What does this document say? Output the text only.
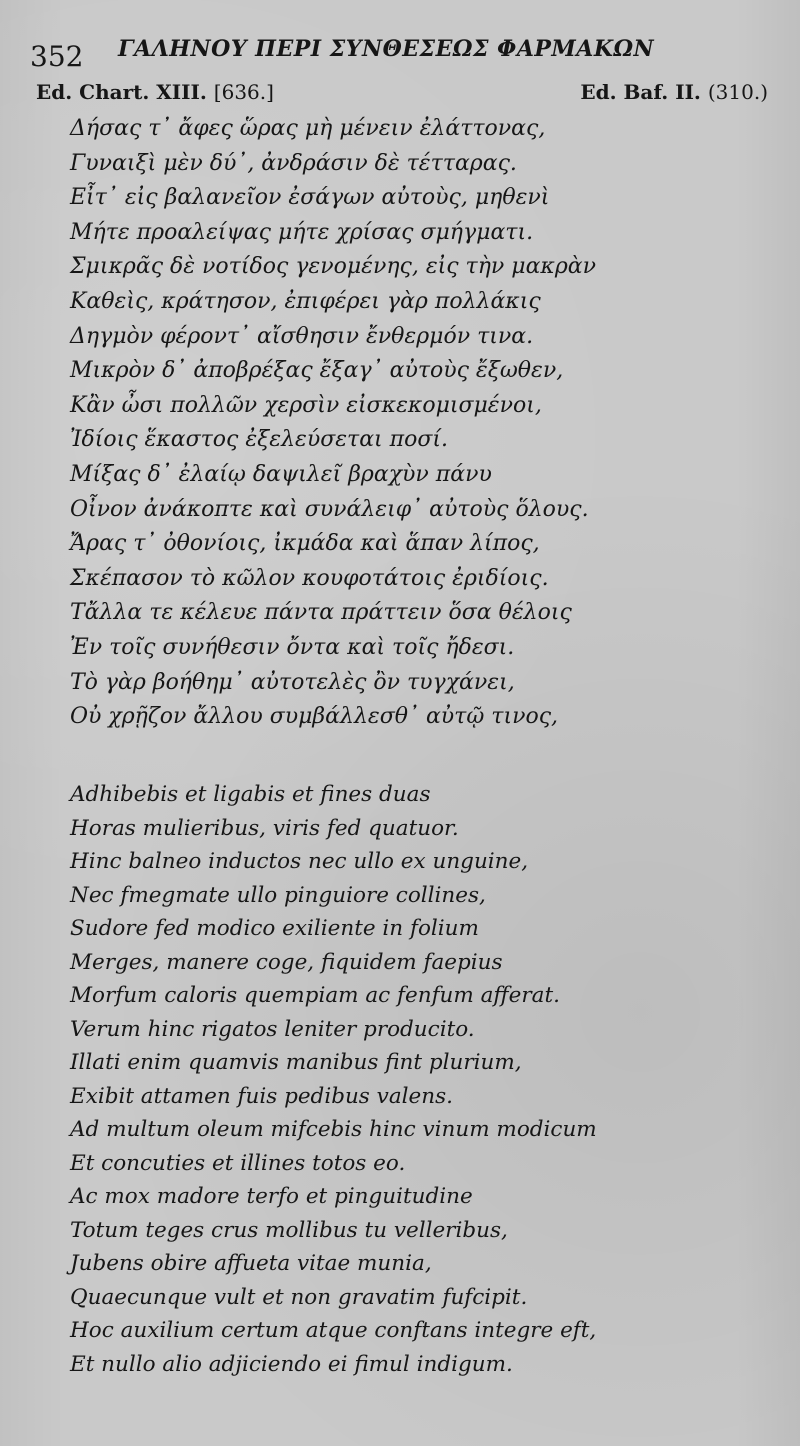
352 ΓΑΛΗΝΟΥ ΠΕΡΙ ΣΥΝΘΕΣΕΩΣ ΦΑΡΜΑΚΩΝ
Ed. Chart. XIII. [636.]	Ed. Baf. II. (310.)
Δήσας τ᾽ ἄφες ὥρας μὴ μένειν ἐλάττονας,
Γυναιξὶ μὲν δύ᾽, ἀνδράσιν δὲ τέτταρας.
Εἶτ᾽ εἰς βαλανεῖον ἐσάγων αὐτοὺς, μηθενὶ
Μήτε προαλείψας μήτε χρίσας σμήγματι.
Σμικρᾶς δὲ νοτίδος γενομένης, εἰς τὴν μακρὰν
Καθεὶς, κράτησον, ἐπιφέρει γὰρ πολλάκις
Δηγμὸν φέροντ᾽ αἴσθησιν ἔνθερμόν τινα.
Μικρὸν δ᾽ ἀποβρέξας ἔξαγ᾽ αὐτοὺς ἔξωθεν,
Κἂν ὦσι πολλῶν χερσὶν εἰσκεκομισμένοι,
Ἰδίοις ἕκαστος ἐξελεύσεται ποσί.
Μίξας δ᾽ ἐλαίῳ δαψιλεῖ βραχὺν πάνυ
Οἶνον ἀνάκοπτε καὶ συνάλειφ᾽ αὐτοὺς ὅλους.
Ἄρας τ᾽ ὀθονίοις, ἰκμάδα καὶ ἅπαν λίπος,
Σκέπασον τὸ κῶλον κουφοτάτοις ἐριδίοις.
Τἄλλα τε κέλευε πάντα πράττειν ὅσα θέλοις
Ἐν τοῖς συνήθεσιν ὄντα καὶ τοῖς ἤδεσι.
Τὸ γὰρ βοήθημ᾽ αὐτοτελὲς ὂν τυγχάνει,
Οὐ χρῇζον ἄλλου συμβάλλεσθ᾽ αὐτῷ τινος,
Adhibebis et ligabis et fines duas
Horas mulieribus, viris fed quatuor.
Hinc balneo inductos nec ullo ex unguine,
Nec fmegmate ullo pinguiore collines,
Sudore fed modico exiliente in folium
Merges, manere coge, fiquidem faepius
Morfum caloris quempiam ac fenfum afferat.
Verum hinc rigatos leniter producito.
Illati enim quamvis manibus fint plurium,
Exibit attamen fuis pedibus valens.
Ad multum oleum mifcebis hinc vinum modicum
Et concuties et illines totos eo.
Ac mox madore terfo et pinguitudine
Totum teges crus mollibus tu velleribus,
Jubens obire affueta vitae munia,
Quaecunque vult et non gravatim fufcipit.
Hoc auxilium certum atque conftans integre eft,
Et nullo alio adjiciendo ei fimul indigum.
